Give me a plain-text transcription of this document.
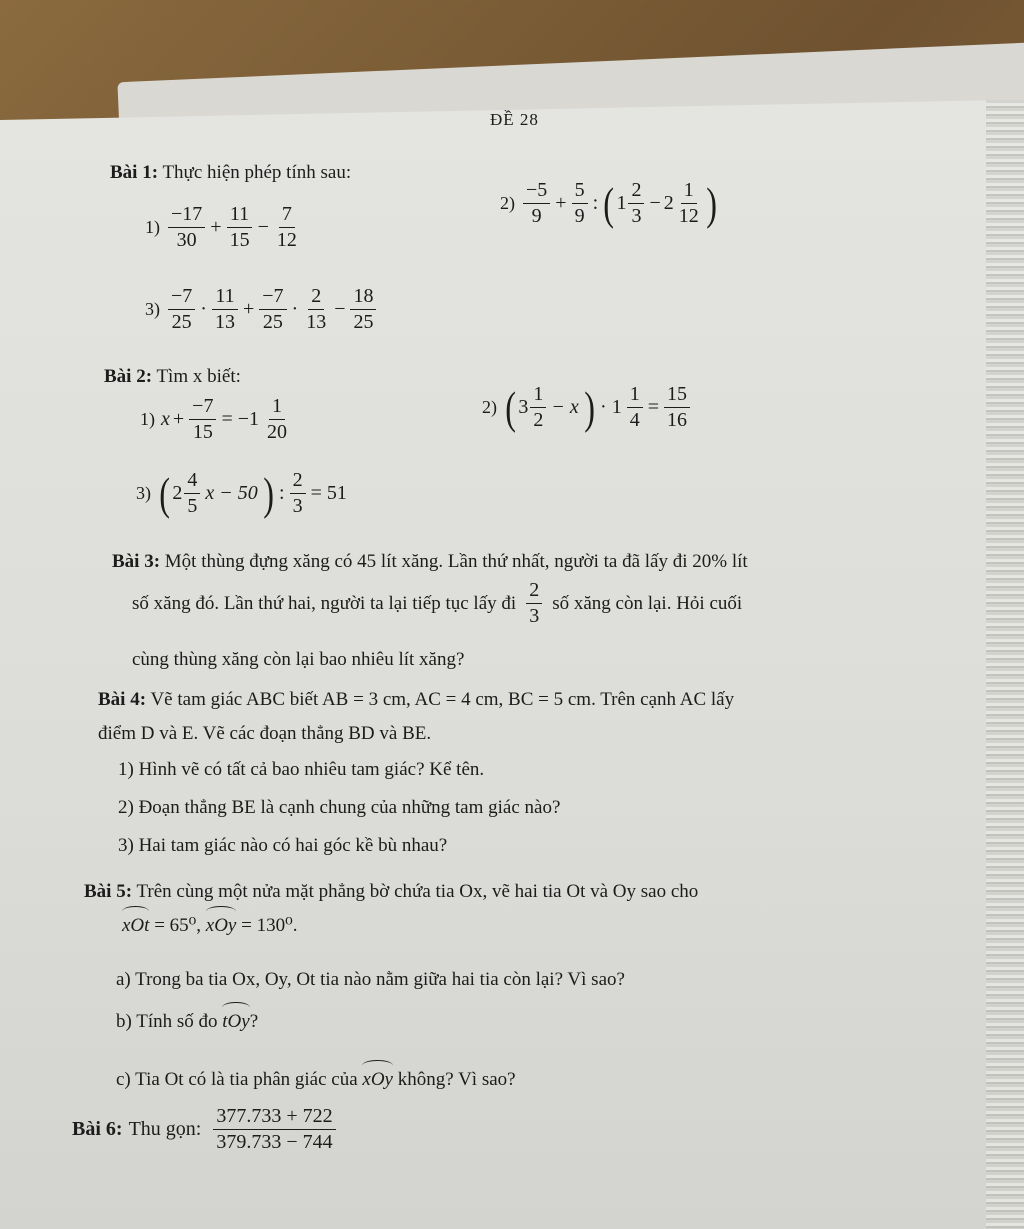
ĐỀ 28
Bài 1: Thực hiện phép tính sau:
$1) \frac{-17}{30} + \frac{11}{15} - \frac{7}{12}$
$2) \frac{-5}{9} + \frac{5}{9}$ : ( $1 \frac{2}{3} - 2 \frac{1}{12}$ )
$3) \frac{-7}{25} \cdot \frac{11}{13} + \frac{-7}{25} \cdot \frac{2}{13} - \frac{18}{25}$
Bài 2: Tìm x biết:
1) $x + \frac{-7}{15} = -1 \frac{1}{20}$	2) ( $3 \frac{1}{2} - x$ ) · $1 \frac{1}{4} = \frac{15}{16}$
3) ( $2 \frac{4}{5}$ x − 50 ) : $\frac{2}{3} = 51$
Bài 3: Một thùng đựng xăng có 45 lít xăng. Lần thứ nhất, người ta đã lấy đi 20% lít
số xăng đó. Lần thứ hai, người ta lại tiếp tục lấy đi $\frac{2}{3}$ số xăng còn lại. Hỏi cuối
cùng thùng xăng còn lại bao nhiêu lít xăng?
Bài 4: Vẽ tam giác ABC biết AB = 3 cm, AC = 4 cm, BC = 5 cm. Trên cạnh AC lấy
điểm D và E. Vẽ các đoạn thẳng BD và BE.
1) Hình vẽ có tất cả bao nhiêu tam giác? Kể tên.
2) Đoạn thẳng BE là cạnh chung của những tam giác nào?
3) Hai tam giác nào có hai góc kề bù nhau?
Bài 5: Trên cùng một nửa mặt phẳng bờ chứa tia Ox, vẽ hai tia Ot và Oy sao cho
xOt = 65⁰, xOy = 130⁰.
a) Trong ba tia Ox, Oy, Ot tia nào nằm giữa hai tia còn lại? Vì sao?
b) Tính số đo tOy?
c) Tia Ot có là tia phân giác của xOy không? Vì sao?
Bài 6: Thu gọn: $\frac{377.733 + 722}{379.733 - 744}$
